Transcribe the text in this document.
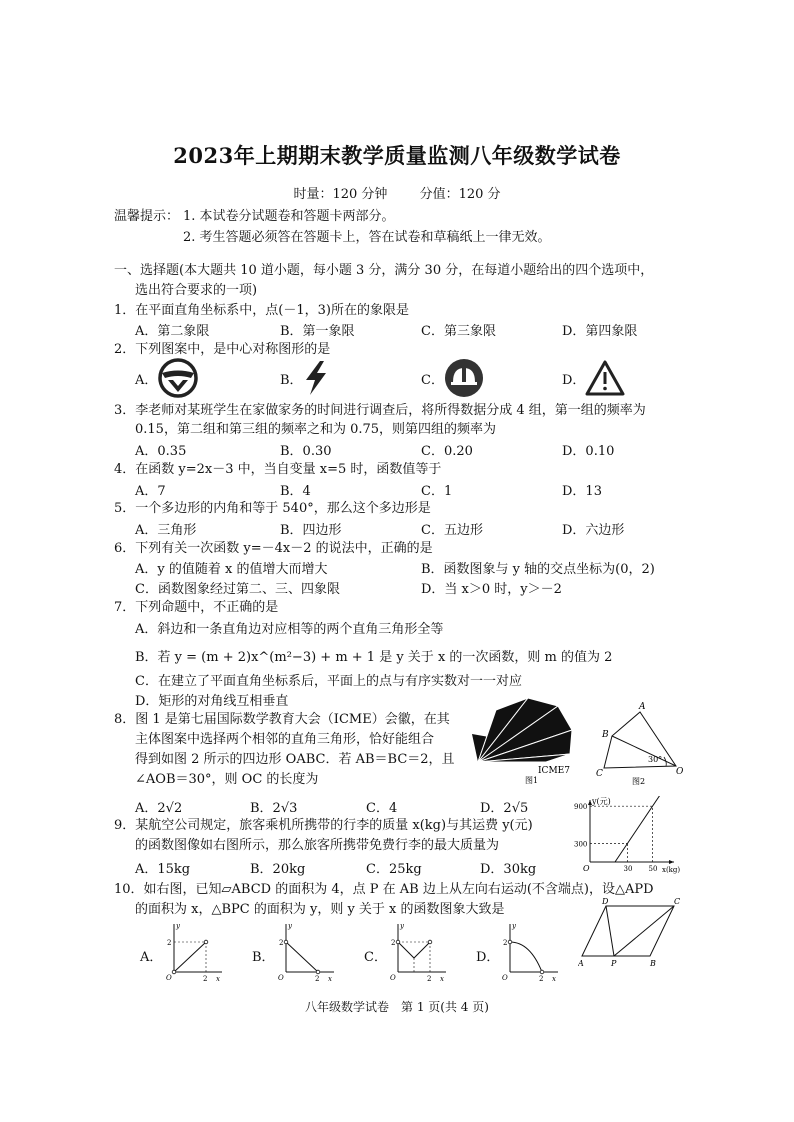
2023年上期期末教学质量监测八年级数学试卷
时量：120 分钟 分值：120 分
温馨提示： 1. 本试卷分试题卷和答题卡两部分。
2. 考生答题必须答在答题卡上，答在试卷和草稿纸上一律无效。
一、选择题(本大题共 10 道小题，每小题 3 分，满分 30 分，在每道小题给出的四个选项中，
选出符合要求的一项)
1．在平面直角坐标系中，点(－1，3)所在的象限是
A．第二象限	B．第一象限	C．第三象限	D．第四象限
2．下列图案中，是中心对称图形的是
A．	B．	C．	D．
3．李老师对某班学生在家做家务的时间进行调查后，将所得数据分成 4 组，第一组的频率为
0.15，第二组和第三组的频率之和为 0.75，则第四组的频率为
A．0.35	B．0.30	C．0.20	D．0.10
4．在函数 y=2x－3 中，当自变量 x=5 时，函数值等于
A．7	B．4	C．1	D．13
5．一个多边形的内角和等于 540°，那么这个多边形是
A．三角形	B．四边形	C．五边形	D．六边形
6．下列有关一次函数 y=－4x－2 的说法中，正确的是
A．y 的值随着 x 的值增大而增大	B．函数图象与 y 轴的交点坐标为(0，2)
C．函数图象经过第二、三、四象限	D．当 x＞0 时，y＞－2
7．下列命题中，不正确的是
A．斜边和一条直角边对应相等的两个直角三角形全等
B．若 y = (m + 2)x^(m²−3) + m + 1 是 y 关于 x 的一次函数，则 m 的值为 2
C．在建立了平面直角坐标系后，平面上的点与有序实数对一一对应
D．矩形的对角线互相垂直
8．图 1 是第七届国际数学教育大会（ICME）会徽，在其
主体图案中选择两个相邻的直角三角形，恰好能组合
得到如图 2 所示的四边形 OABC．若 AB＝BC＝2，且
∠AOB＝30°，则 OC 的长度为
A．2√2	B．2√3	C．4	D．2√5
ICME7
图1
A
B
C	O
30°
图2
9．某航空公司规定，旅客乘机所携带的行李的质量 x(kg)与其运费 y(元)
的函数图像如右图所示，那么旅客所携带免费行李的最大质量为
A．15kg	B．20kg	C．25kg	D．30kg
y(元)
x(kg)
O
900
300
30 50
10．如右图，已知▱ABCD 的面积为 4，点 P 在 AB 边上从左向右运动(不含端点)，设△APD
的面积为 x，△BPC 的面积为 y，则 y 关于 x 的函数图象大致是
A．	B．	C．	D．
2
2 x
y
O
2
2 x
y
O
2
2 x
y
O
2
2 x
y
O
D	C
A	P	B
八年级数学试卷　第 1 页(共 4 页)
